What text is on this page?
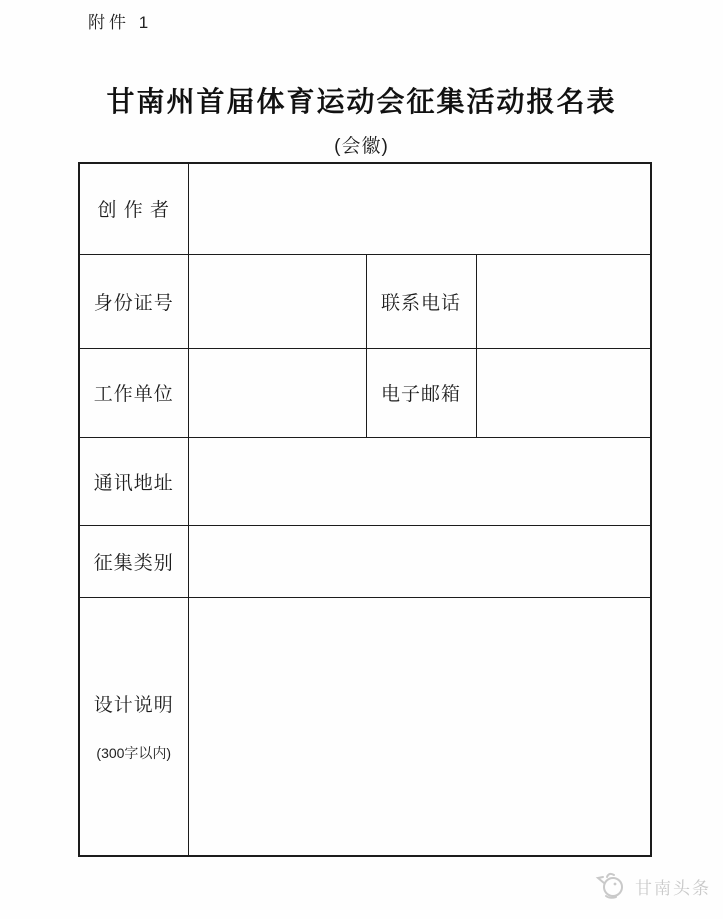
附件 1
甘南州首届体育运动会征集活动报名表
(会徽)
创 作 者			
身份证号		联系电话	
工作单位		电子邮箱	
通讯地址			
征集类别			
设计说明
(300字以内)			

甘南头条
